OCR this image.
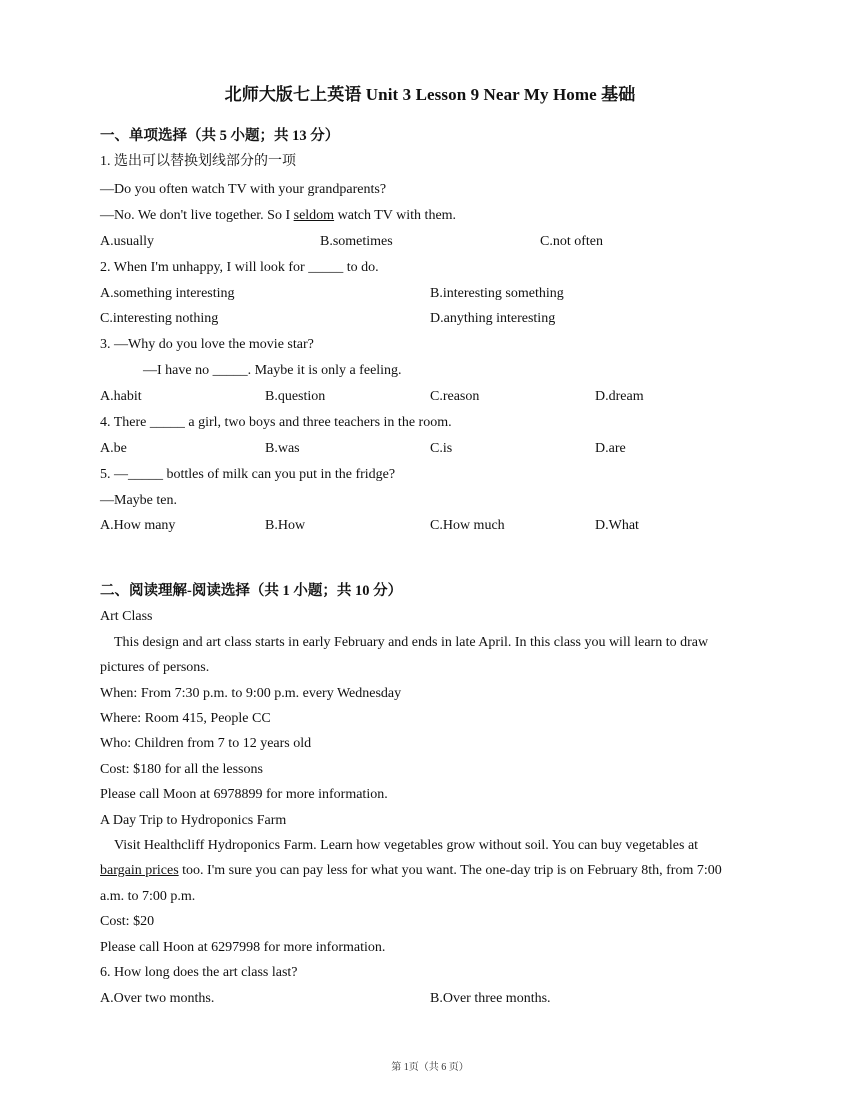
北师大版七上英语 Unit 3 Lesson 9 Near My Home 基础
一、单项选择（共 5 小题；共 13 分）
1. 选出可以替换划线部分的一项
—Do you often watch TV with your grandparents?
—No. We don't live together. So I seldom watch TV with them.
A.usually	B.sometimes	C.not often
2. When I'm unhappy, I will look for _____ to do.
A.something interesting	B.interesting something
C.interesting nothing	D.anything interesting
3. —Why do you love the movie star?
—I have no _____. Maybe it is only a feeling.
A.habit	B.question	C.reason	D.dream
4. There _____ a girl, two boys and three teachers in the room.
A.be	B.was	C.is	D.are
5. —_____ bottles of milk can you put in the fridge?
—Maybe ten.
A.How many	B.How	C.How much	D.What
二、阅读理解-阅读选择（共 1 小题；共 10 分）
Art Class
This design and art class starts in early February and ends in late April. In this class you will learn to draw
pictures of persons.
When: From 7:30 p.m. to 9:00 p.m. every Wednesday
Where: Room 415, People CC
Who: Children from 7 to 12 years old
Cost: $180 for all the lessons
Please call Moon at 6978899 for more information.
A Day Trip to Hydroponics Farm
Visit Healthcliff Hydroponics Farm. Learn how vegetables grow without soil. You can buy vegetables at
bargain prices too. I'm sure you can pay less for what you want. The one-day trip is on February 8th, from 7:00
a.m. to 7:00 p.m.
Cost: $20
Please call Hoon at 6297998 for more information.
6. How long does the art class last?
A.Over two months.	B.Over three months.
第 1页（共 6 页）
